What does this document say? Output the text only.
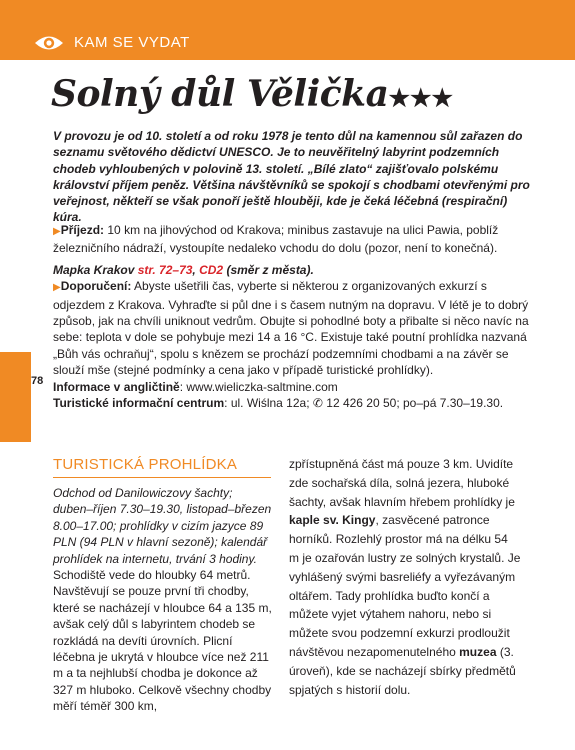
KAM SE VYDAT
Solný důl Vělička★★★

V provozu je od 10. století a od roku 1978 je tento důl na kamennou sůl zařazen do seznamu světového dědictví UNESCO. Je to neuvěřitelný labyrint podzemních chodeb vyhloubených v polovině 13. století. „Bílé zlato“ zajišťovalo polskému království příjem peněz. Většina návštěvníků se spokojí s chodbami otevřenými pro veřejnost, někteří se však ponoří ještě hlouběji, kde je čeká léčebná (respirační) kúra.

▶Příjezd: 10 km na jihovýchod od Krakova; minibus zastavuje na ulici Pawia, poblíž železničního nádraží, vystoupíte nedaleko vchodu do dolu (pozor, není to konečná).

Mapka Krakov str. 72–73, CD2 (směr z města).

▶Doporučení: Abyste ušetřili čas, vyberte si některou z organizovaných exkurzí s odjezdem z Krakova. Vyhraďte si půl dne i s časem nutným na dopravu. V létě je to dobrý způsob, jak na chvíli uniknout vedrům. Obujte si pohodlné boty a přibalte si něco navíc na sebe: teplota v dole se pohybuje mezi 14 a 16 °C. Existuje také poutní prohlídka nazvaná „Bůh vás ochraňuj“, spolu s knězem se prochází podzemními chodbami a na závěr se slouží mše (stejné podmínky a cena jako v případě turistické prohlídky).

Informace v angličtině: www.wieliczka-saltmine.com

Turistické informační centrum: ul. Wiślna 12a; ✆ 12 426 20 50; po–pá 7.30–19.30.

78
TURISTICKÁ PROHLÍDKA

Odchod od Danilowiczovy šachty; duben–říjen 7.30–19.30, listopad–březen 8.00–17.00; prohlídky v cizím jazyce 89 PLN (94 PLN v hlavní sezoně); kalendář prohlídek na internetu, trvání 3 hodiny.

Schodiště vede do hloubky 64 metrů. Navštěvují se pouze první tři chodby, které se nacházejí v hloubce 64 a 135 m, avšak celý důl s labyrintem chodeb se rozkládá na devíti úrovních. Plicní léčebna je ukrytá v hloubce více než 211 m a ta nejhlubší chodba je dokonce až 327 m hluboko. Celkově všechny chodby měří téměř 300 km,

zpřístupněná část má pouze 3 km. Uvidíte zde sochařská díla, solná jezera, hluboké šachty, avšak hlavním hřebem prohlídky je kaple sv. Kingy, zasvěcené patronce horníků. Rozlehlý prostor má na délku 54 m je ozařován lustry ze solných krystalů. Je vyhlášený svými basreliéfy a vyřezávaným oltářem. Tady prohlídka buďto končí a můžete vyjet výtahem nahoru, nebo si můžete svou podzemní exkurzi prodloužit návštěvou nezapomenutelného muzea (3. úroveň), kde se nacházejí sbírky předmětů spjatých s historií dolu.
